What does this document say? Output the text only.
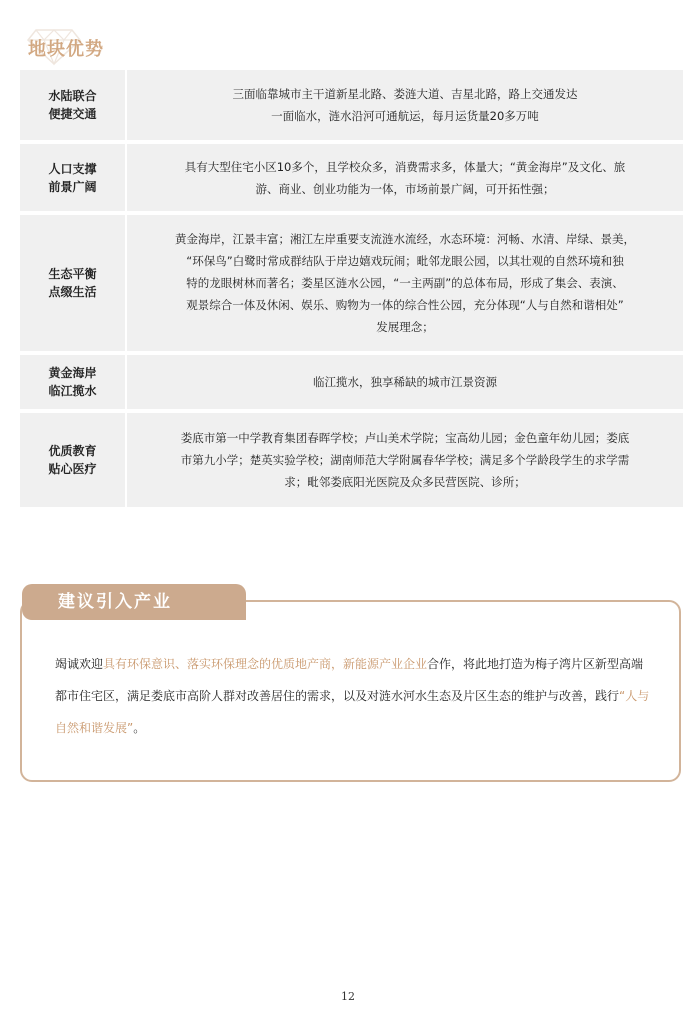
地块优势
水陆联合
便捷交通	三面临靠城市主干道新星北路、娄涟大道、吉星北路，路上交通发达
一面临水，涟水沿河可通航运，每月运货量20多万吨

人口支撑
前景广阔	具有大型住宅小区10多个，且学校众多，消费需求多，体量大；“黄金海岸”及文化、旅
游、商业、创业功能为一体，市场前景广阔，可开拓性强；

生态平衡
点缀生活	黄金海岸，江景丰富；湘江左岸重要支流涟水流经，水态环境：河畅、水清、岸绿、景美，
“环保鸟”白鹭时常成群结队于岸边嬉戏玩闹；毗邻龙眼公园，以其壮观的自然环境和独
特的龙眼树林而著名；娄星区涟水公园，“一主两副”的总体布局，形成了集会、表演、
观景综合一体及休闲、娱乐、购物为一体的综合性公园，充分体现“人与自然和谐相处”
发展理念；

黄金海岸
临江揽水	临江揽水，独享稀缺的城市江景资源

优质教育
贴心医疗	娄底市第一中学教育集团春晖学校；卢山美术学院；宝高幼儿园；金色童年幼儿园；娄底
市第九小学；楚英实验学校；湖南师范大学附属春华学校；满足多个学龄段学生的求学需
求；毗邻娄底阳光医院及众多民营医院、诊所；
建议引入产业
竭诚欢迎具有环保意识、落实环保理念的优质地产商，新能源产业企业合作，将此地打造为梅子湾片区新型高端都市住宅区，满足娄底市高阶人群对改善居住的需求，以及对涟水河水生态及片区生态的维护与改善，践行“人与自然和谐发展”。
12
